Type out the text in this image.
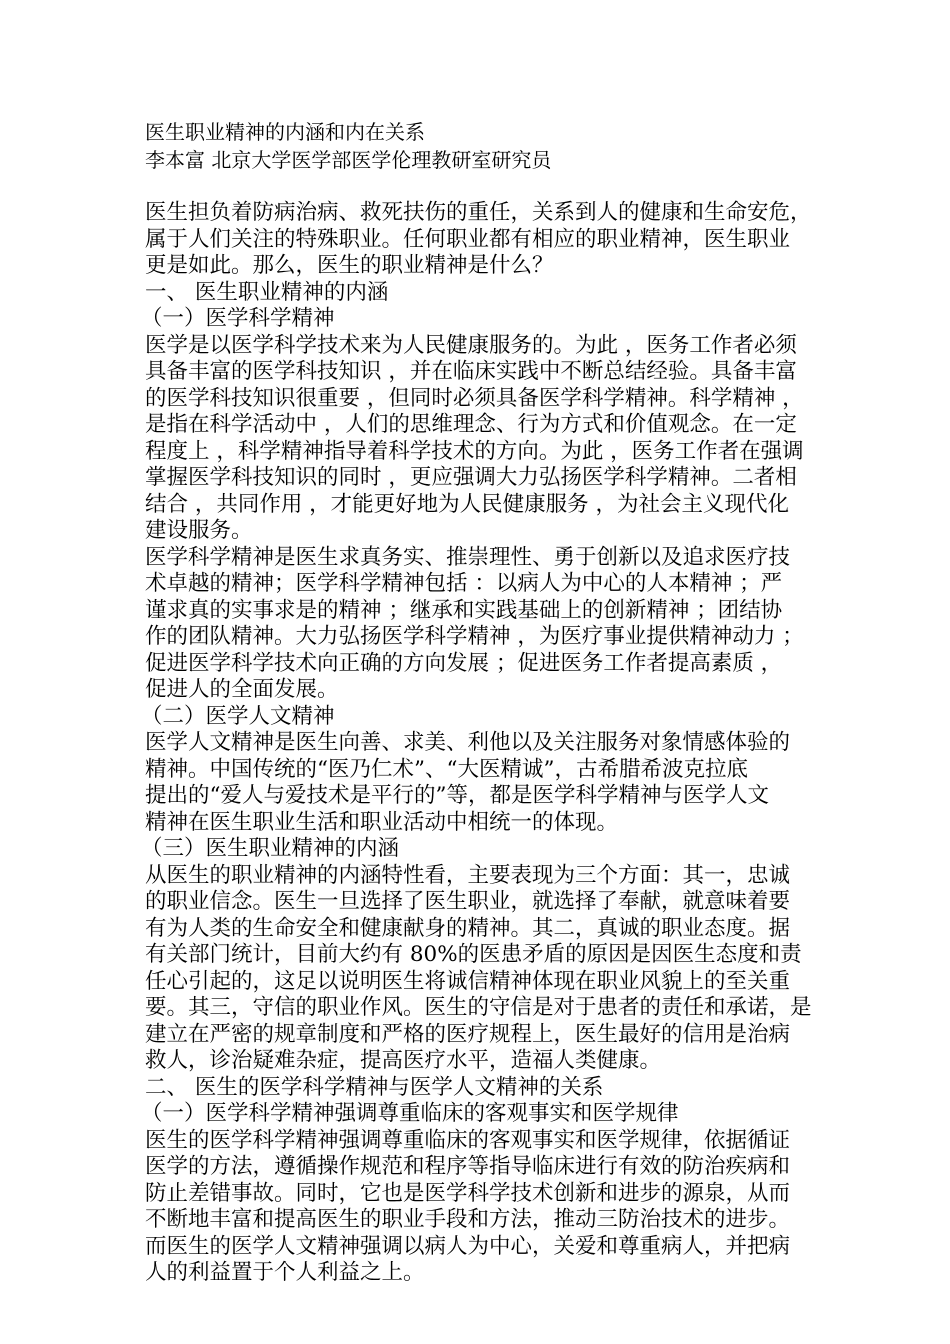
医生职业精神的内涵和内在关系
李本富 北京大学医学部医学伦理教研室研究员
医生担负着防病治病、救死扶伤的重任，关系到人的健康和生命安危，
属于人们关注的特殊职业。任何职业都有相应的职业精神，医生职业
更是如此。那么，医生的职业精神是什么？
一、 医生职业精神的内涵
（一）医学科学精神
医学是以医学科学技术来为人民健康服务的。为此 ，医务工作者必须
具备丰富的医学科技知识 ，并在临床实践中不断总结经验。具备丰富
的医学科技知识很重要 ，但同时必须具备医学科学精神。科学精神 ，
是指在科学活动中 ，人们的思维理念、行为方式和价值观念。在一定
程度上 ，科学精神指导着科学技术的方向。为此 ，医务工作者在强调
掌握医学科技知识的同时 ，更应强调大力弘扬医学科学精神。二者相
结合 ，共同作用 ，才能更好地为人民健康服务 ，为社会主义现代化
建设服务。
医学科学精神是医生求真务实、推崇理性、勇于创新以及追求医疗技
术卓越的精神；医学科学精神包括 ：以病人为中心的人本精神 ；严
谨求真的实事求是的精神 ；继承和实践基础上的创新精神 ；团结协
作的团队精神。大力弘扬医学科学精神 ，为医疗事业提供精神动力 ；
促进医学科学技术向正确的方向发展 ；促进医务工作者提高素质 ，
促进人的全面发展。
（二）医学人文精神
医学人文精神是医生向善、求美、利他以及关注服务对象情感体验的
精神。中国传统的“医乃仁术”、“大医精诚”，古希腊希波克拉底
提出的“爱人与爱技术是平行的”等，都是医学科学精神与医学人文
精神在医生职业生活和职业活动中相统一的体现。
（三）医生职业精神的内涵
从医生的职业精神的内涵特性看，主要表现为三个方面：其一，忠诚
的职业信念。医生一旦选择了医生职业，就选择了奉献，就意味着要
有为人类的生命安全和健康献身的精神。其二，真诚的职业态度。据
有关部门统计，目前大约有 80%的医患矛盾的原因是因医生态度和责
任心引起的，这足以说明医生将诚信精神体现在职业风貌上的至关重
要。其三，守信的职业作风。医生的守信是对于患者的责任和承诺，是
建立在严密的规章制度和严格的医疗规程上，医生最好的信用是治病
救人，诊治疑难杂症，提高医疗水平，造福人类健康。
二、 医生的医学科学精神与医学人文精神的关系
（一）医学科学精神强调尊重临床的客观事实和医学规律
医生的医学科学精神强调尊重临床的客观事实和医学规律，依据循证
医学的方法，遵循操作规范和程序等指导临床进行有效的防治疾病和
防止差错事故。同时，它也是医学科学技术创新和进步的源泉，从而
不断地丰富和提高医生的职业手段和方法，推动三防治技术的进步。
而医生的医学人文精神强调以病人为中心，关爱和尊重病人，并把病
人的利益置于个人利益之上。
